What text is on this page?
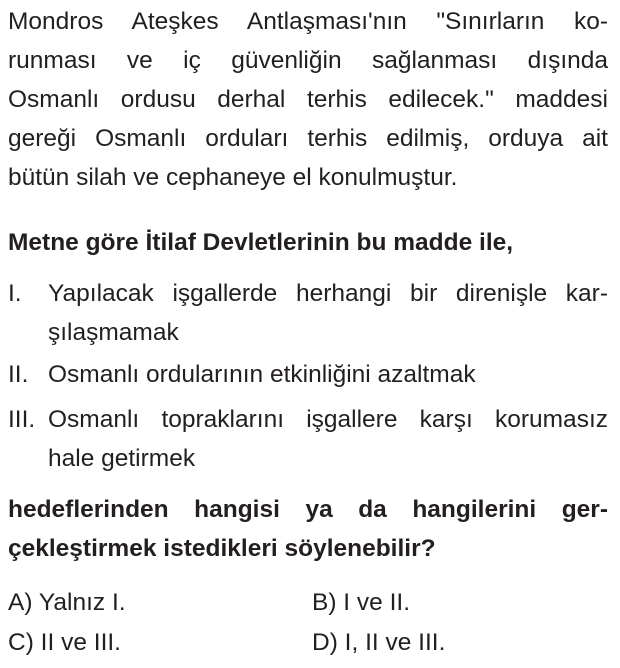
Mondros Ateşkes Antlaşması'nın "Sınırların ko-
runması ve iç güvenliğin sağlanması dışında
Osmanlı ordusu derhal terhis edilecek." maddesi
gereği Osmanlı orduları terhis edilmiş, orduya ait
bütün silah ve cephaneye el konulmuştur.
Metne göre İtilaf Devletlerinin bu madde ile,
I. Yapılacak işgallerde herhangi bir direnişle kar-
şılaşmamak
II. Osmanlı ordularının etkinliğini azaltmak
III. Osmanlı topraklarını işgallere karşı korumasız
hale getirmek
hedeflerinden hangisi ya da hangilerini ger-
çekleştirmek istedikleri söylenebilir?
A) Yalnız I.	B) I ve II.
C) II ve III.	D) I, II ve III.
